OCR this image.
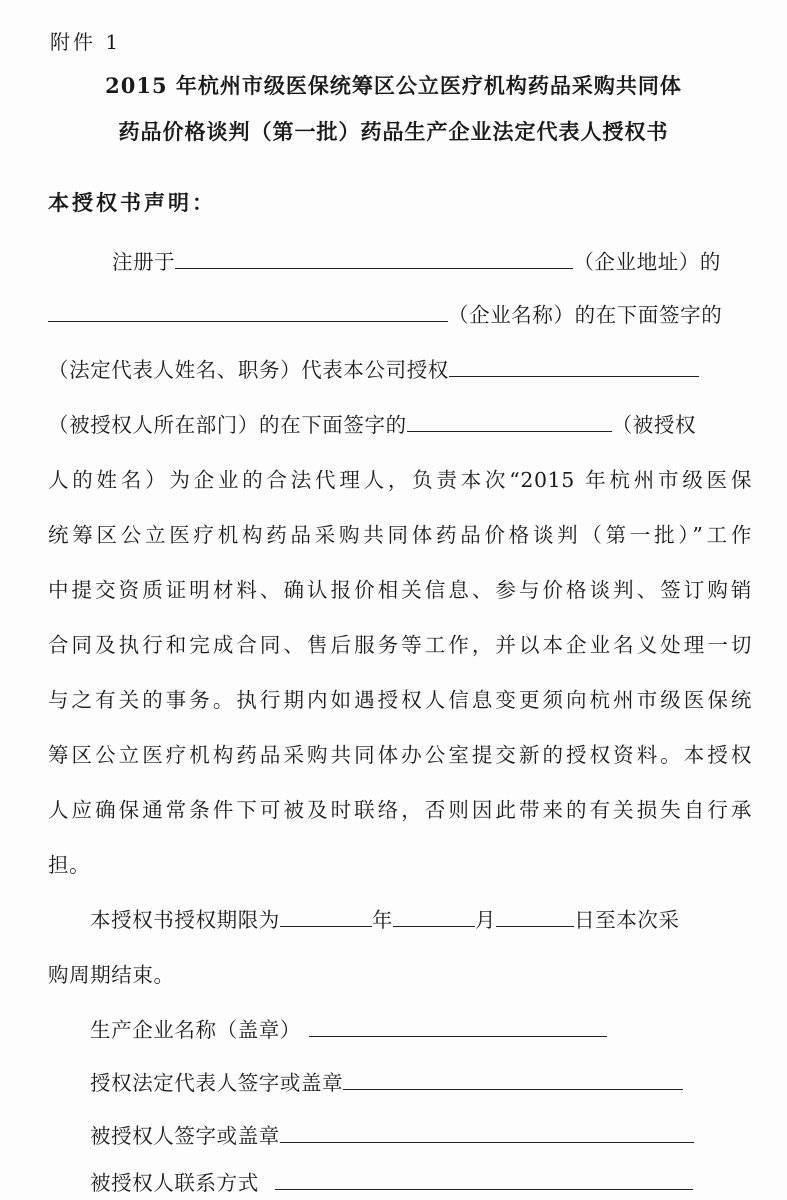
附件 1
2015 年杭州市级医保统筹区公立医疗机构药品采购共同体
药品价格谈判（第一批）药品生产企业法定代表人授权书
本授权书声明：
注册于	（企业地址）的
（企业名称）的在下面签字的
（法定代表人姓名、职务）代表本公司授权
（被授权人所在部门）的在下面签字的	（被授权
人的姓名）为企业的合法代理人，负责本次“2015 年杭州市级医保
统筹区公立医疗机构药品采购共同体药品价格谈判（第一批）”工作
中提交资质证明材料、确认报价相关信息、参与价格谈判、签订购销
合同及执行和完成合同、售后服务等工作，并以本企业名义处理一切
与之有关的事务。执行期内如遇授权人信息变更须向杭州市级医保统
筹区公立医疗机构药品采购共同体办公室提交新的授权资料。本授权
人应确保通常条件下可被及时联络，否则因此带来的有关损失自行承
担。
本授权书授权期限为	年	月	日至本次采
购周期结束。
生产企业名称（盖章）
授权法定代表人签字或盖章
被授权人签字或盖章
被授权人联系方式
